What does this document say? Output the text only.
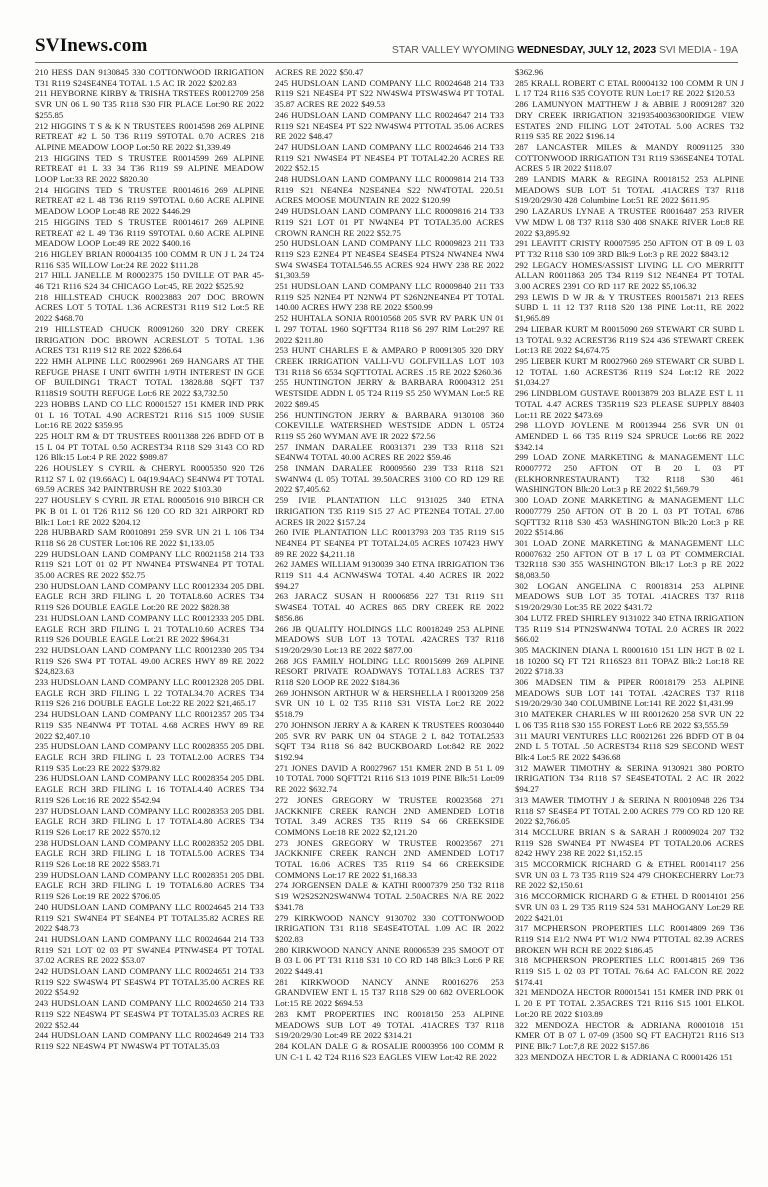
SVInews.com	STAR VALLEY WYOMING WEDNESDAY, JULY 12, 2023 SVI MEDIA - 19A

210 HESS DAN 9130845 330 COTTONWOOD IRRIGATION T31 R119 S24SE4NE4 TOTAL 1.5 AC IR 2022 $202.83

211 HEYBORNE KIRBY & TRISHA TRSTEES R0012709 258 SVR UN 06 L 90 T35 R118 S30 FIR PLACE Lot:90 RE 2022 $255.85

212 HIGGINS T S & K N TRUSTEES R0014598 269 ALPINE RETREAT #2 L 50 T36 R119 S9TOTAL 0.70 ACRES 218 ALPINE MEADOW LOOP Lot:50 RE 2022 $1,339.49

213 HIGGINS TED S TRUSTEE R0014599 269 ALPINE RETREAT #1 L 33 34 T36 R119 S9 ALPINE MEADOW LOOP Lot:33 RE 2022 $820.30

214 HIGGINS TED S TRUSTEE R0014616 269 ALPINE RETREAT #2 L 48 T36 R119 S9TOTAL 0.60 ACRE ALPINE MEADOW LOOP Lot:48 RE 2022 $446.29

215 HIGGINS TED S TRUSTEE R0014617 269 ALPINE RETREAT #2 L 49 T36 R119 S9TOTAL 0.60 ACRE ALPINE MEADOW LOOP Lot:49 RE 2022 $400.16

216 HIGLEY BRIAN R0004135 100 COMM R UN J L 24 T24 R116 S35 WILLOW Lot:24 RE 2022 $111.28

217 HILL JANELLE M R0002375 150 DVILLE OT PAR 45-46 T21 R116 S24 34 CHICAGO Lot:45, RE 2022 $525.92

218 HILLSTEAD CHUCK R0023883 207 DOC BROWN ACRES LOT 5 TOTAL 1.36 ACREST31 R119 S12 Lot:5 RE 2022 $468.70

219 HILLSTEAD CHUCK R0091260 320 DRY CREEK IRRIGATION DOC BROWN ACRESLOT 5 TOTAL 1.36 ACRES T31 R119 S12 RE 2022 $286.64

222 HMH ALPINE LLC R0029961 269 HANGARS AT THE REFUGE PHASE I UNIT 6WITH 1/9TH INTEREST IN GCE OF BUILDING1 TRACT TOTAL 13828.88 SQFT T37 R118S19 SOUTH REFUGE Lot:6 RE 2022 $3,732.50

223 HOBBS LAND CO LLC R0001527 151 KMER IND PRK 01 L 16 TOTAL 4.90 ACREST21 R116 S15 1009 SUSIE Lot:16 RE 2022 $359.95

225 HOLT RM & DT TRUSTEES R0011388 226 BDFD OT B 15 L 04 PT TOTAL 0.50 ACREST34 R118 S29 3143 CO RD 126 Blk:15 Lot:4 P RE 2022 $989.87

226 HOUSLEY S CYRIL & CHERYL R0005350 920 T26 R112 S7 L 02 (19.66AC) L 04(19.94AC) SE4NW4 PT TOTAL 69.59 ACRES 342 PAINTBRUSH RE 2022 $103.30

227 HOUSLEY S CYRIL JR ETAL R0005016 910 BIRCH CR PK B 01 L 01 T26 R112 S6 120 CO RD 321 AIRPORT RD Blk:1 Lot:1 RE 2022 $204.12

228 HUBBARD SAM R0010891 259 SVR UN 21 L 106 T34 R118 S6 28 CUSTER Lot:106 RE 2022 $1,133.05

229 HUDSLOAN LAND COMPANY LLC R0021158 214 T33 R119 S21 LOT 01 02 PT NW4NE4 PTSW4NE4 PT TOTAL 35.00 ACRES RE 2022 $52.75

230 HUDSLOAN LAND COMPANY LLC R0012334 205 DBL EAGLE RCH 3RD FILING L 20 TOTAL8.60 ACRES T34 R119 S26 DOUBLE EAGLE Lot:20 RE 2022 $828.38

231 HUDSLOAN LAND COMPANY LLC R0012333 205 DBL EAGLE RCH 3RD FILING L 21 TOTAL10.60 ACRES T34 R119 S26 DOUBLE EAGLE Lot:21 RE 2022 $964.31

232 HUDSLOAN LAND COMPANY LLC R0012330 205 T34 R119 S26 SW4 PT TOTAL 49.00 ACRES HWY 89 RE 2022 $24,823.63

233 HUDSLOAN LAND COMPANY LLC R0012328 205 DBL EAGLE RCH 3RD FILING L 22 TOTAL34.70 ACRES T34 R119 S26 216 DOUBLE EAGLE Lot:22 RE 2022 $21,465.17

234 HUDSLOAN LAND COMPANY LLC R0012357 205 T34 R119 S35 NE4NW4 PT TOTAL 4.68 ACRES HWY 89 RE 2022 $2,407.10

235 HUDSLOAN LAND COMPANY LLC R0028355 205 DBL EAGLE RCH 3RD FILING L 23 TOTAL2.00 ACRES T34 R119 S35 Lot:23 RE 2022 $379.82

236 HUDSLOAN LAND COMPANY LLC R0028354 205 DBL EAGLE RCH 3RD FILING L 16 TOTAL4.40 ACRES T34 R119 S26 Lot:16 RE 2022 $542.94

237 HUDSLOAN LAND COMPANY LLC R0028353 205 DBL EAGLE RCH 3RD FILING L 17 TOTAL4.80 ACRES T34 R119 S26 Lot:17 RE 2022 $570.12

238 HUDSLOAN LAND COMPANY LLC R0028352 205 DBL EAGLE RCH 3RD FILING L 18 TOTAL5.00 ACRES T34 R119 S26 Lot:18 RE 2022 $583.71

239 HUDSLOAN LAND COMPANY LLC R0028351 205 DBL EAGLE RCH 3RD FILING L 19 TOTAL6.80 ACRES T34 R119 S26 Lot:19 RE 2022 $706.05

240 HUDSLOAN LAND COMPANY LLC R0024645 214 T33 R119 S21 SW4NE4 PT SE4NE4 PT TOTAL35.82 ACRES RE 2022 $48.73

241 HUDSLOAN LAND COMPANY LLC R0024644 214 T33 R119 S21 LOT 02 03 PT SW4NE4 PTNW4SE4 PT TOTAL 37.02 ACRES RE 2022 $53.07

242 HUDSLOAN LAND COMPANY LLC R0024651 214 T33 R119 S22 SW4SW4 PT SE4SW4 PT TOTAL35.00 ACRES RE 2022 $54.92

243 HUDSLOAN LAND COMPANY LLC R0024650 214 T33 R119 S22 NE4SW4 PT SE4SW4 PT TOTAL35.03 ACRES RE 2022 $52.44

244 HUDSLOAN LAND COMPANY LLC R0024649 214 T33 R119 S22 NE4SW4 PT NW4SW4 PT TOTAL35.03

ACRES RE 2022 $50.47

245 HUDSLOAN LAND COMPANY LLC R0024648 214 T33 R119 S21 NE4SE4 PT S22 NW4SW4 PTSW4SW4 PT TOTAL 35.87 ACRES RE 2022 $49.53

246 HUDSLOAN LAND COMPANY LLC R0024647 214 T33 R119 S21 NE4SE4 PT S22 NW4SW4 PTTOTAL 35.06 ACRES RE 2022 $48.47

247 HUDSLOAN LAND COMPANY LLC R0024646 214 T33 R119 S21 NW4SE4 PT NE4SE4 PT TOTAL42.20 ACRES RE 2022 $52.15

248 HUDSLOAN LAND COMPANY LLC R0009814 214 T33 R119 S21 NE4NE4 N2SE4NE4 S22 NW4TOTAL 220.51 ACRES MOOSE MOUNTAIN RE 2022 $120.99

249 HUDSLOAN LAND COMPANY LLC R0009816 214 T33 R119 S21 LOT 01 PT NW4NE4 PT TOTAL35.00 ACRES CROWN RANCH RE 2022 $52.75

250 HUDSLOAN LAND COMPANY LLC R0009823 211 T33 R119 S23 E2NE4 PT NE4SE4 SE4SE4 PTS24 NW4NE4 NW4 SW4 SW4SE4 TOTAL546.55 ACRES 924 HWY 238 RE 2022 $1,303.59

251 HUDSLOAN LAND COMPANY LLC R0009840 211 T33 R119 S25 N2NE4 PT N2NW4 PT S26N2NE4NE4 PT TOTAL 140.00 ACRES HWY 238 RE 2022 $500.99

252 HUHTALA SONJA R0010568 205 SVR RV PARK UN 01 L 297 TOTAL 1960 SQFTT34 R118 S6 297 RIM Lot:297 RE 2022 $211.80

253 HUNT CHARLES E & AMPARO P R0091305 320 DRY CREEK IRRIGATION VALLI-VU GOLFVILLAS LOT 103 T31 R118 S6 6534 SQFTTOTAL ACRES .15 RE 2022 $260.36

255 HUNTINGTON JERRY & BARBARA R0004312 251 WESTSIDE ADDN L 05 T24 R119 S5 250 WYMAN Lot:5 RE 2022 $89.45

256 HUNTINGTON JERRY & BARBARA 9130108 360 COKEVILLE WATERSHED WESTSIDE ADDN L 05T24 R119 S5 260 WYMAN AVE IR 2022 $72.56

257 INMAN DARALEE R0031371 239 T33 R118 S21 SE4NW4 TOTAL 40.00 ACRES RE 2022 $59.46

258 INMAN DARALEE R0009560 239 T33 R118 S21 SW4NW4 (L 05) TOTAL 39.50ACRES 3100 CO RD 129 RE 2022 $7,405.62

259 IVIE PLANTATION LLC 9131025 340 ETNA IRRIGATION T35 R119 S15 27 AC PTE2NE4 TOTAL 27.00 ACRES IR 2022 $157.24

260 IVIE PLANTATION LLC R0013793 203 T35 R119 S15 NE4NE4 PT SE4NE4 PT TOTAL24.05 ACRES 107423 HWY 89 RE 2022 $4,211.18

262 JAMES WILLIAM 9130039 340 ETNA IRRIGATION T36 R119 S11 4.4 ACNW4SW4 TOTAL 4.40 ACRES IR 2022 $94.27

263 JARACZ SUSAN H R0006856 227 T31 R119 S11 SW4SE4 TOTAL 40 ACRES 865 DRY CREEK RE 2022 $856.86

266 JB QUALITY HOLDINGS LLC R0018249 253 ALPINE MEADOWS SUB LOT 13 TOTAL .42ACRES T37 R118 S19/20/29/30 Lot:13 RE 2022 $877.00

268 JGS FAMILY HOLDING LLC R0015699 269 ALPINE RESORT PRIVATE ROADWAYS TOTAL1.83 ACRES T37 R118 S20 LOOP RE 2022 $184.36

269 JOHNSON ARTHUR W & HERSHELLA I R0013209 258 SVR UN 10 L 02 T35 R118 S31 VISTA Lot:2 RE 2022 $518.79

270 JOHNSON JERRY A & KAREN K TRUSTEES R0030440 205 SVR RV PARK UN 04 STAGE 2 L 842 TOTAL2533 SQFT T34 R118 S6 842 BUCKBOARD Lot:842 RE 2022 $192.94

271 JONES DAVID A R0027967 151 KMER 2ND B 51 L 09 10 TOTAL 7000 SQFTT21 R116 S13 1019 PINE Blk:51 Lot:09 RE 2022 $632.74

272 JONES GREGORY W TRUSTEE R0023568 271 JACKKNIFE CREEK RANCH 2ND AMENDED LOT18 TOTAL 3.49 ACRES T35 R119 S4 66 CREEKSIDE COMMONS Lot:18 RE 2022 $2,121.20

273 JONES GREGORY W TRUSTEE R0023567 271 JACKKNIFE CREEK RANCH 2ND AMENDED LOT17 TOTAL 16.06 ACRES T35 R119 S4 66 CREEKSIDE COMMONS Lot:17 RE 2022 $1,168.33

274 JORGENSEN DALE & KATHI R0007379 250 T32 R118 S19 W2S2S2N2SW4NW4 TOTAL 2.50ACRES N/A RE 2022 $341.78

279 KIRKWOOD NANCY 9130702 330 COTTONWOOD IRRIGATION T31 R118 SE4SE4TOTAL 1.09 AC IR 2022 $202.83

280 KIRKWOOD NANCY ANNE R0006539 235 SMOOT OT B 03 L 06 PT T31 R118 S31 10 CO RD 148 Blk:3 Lot:6 P RE 2022 $449.41

281 KIRKWOOD NANCY ANNE R0016276 253 GRANDVIEW ENT L 15 T37 R118 S29 00 682 OVERLOOK Lot:15 RE 2022 $694.53

283 KMT PROPERTIES INC R0018150 253 ALPINE MEADOWS SUB LOT 49 TOTAL .41ACRES T37 R118 S19/20/29/30 Lot:49 RE 2022 $314.21

284 KOLAN DALE G & ROSALIE R0003956 100 COMM R UN C-1 L 42 T24 R116 S23 EAGLES VIEW Lot:42 RE 2022

$362.96

285 KRALL ROBERT C ETAL R0004132 100 COMM R UN J L 17 T24 R116 S35 COYOTE RUN Lot:17 RE 2022 $120.53

286 LAMUNYON MATTHEW J & ABBIE J R0091287 320 DRY CREEK IRRIGATION 32193540036300RIDGE VIEW ESTATES 2ND FILING LOT 24TOTAL 5.00 ACRES T32 R119 S35 RE 2022 $196.14

287 LANCASTER MILES & MANDY R0091125 330 COTTONWOOD IRRIGATION T31 R119 S36SE4NE4 TOTAL ACRES 5 IR 2022 $118.07

289 LANDIS MARK & REGINA R0018152 253 ALPINE MEADOWS SUB LOT 51 TOTAL .41ACRES T37 R118 S19/20/29/30 428 Columbine Lot:51 RE 2022 $611.95

290 LAZARUS LYNAE A TRUSTEE R0016487 253 RIVER VW MDW L 08 T37 R118 S30 408 SNAKE RIVER Lot:8 RE 2022 $3,895.92

291 LEAVITT CRISTY R0007595 250 AFTON OT B 09 L 03 PT T32 R118 S30 109 3RD Blk:9 Lot:3 p RE 2022 $843.12

292 LEGACY HOMES/ASSIST LIVING LL C/O MERRITT ALLAN R0011863 205 T34 R119 S12 NE4NE4 PT TOTAL 3.00 ACRES 2391 CO RD 117 RE 2022 $5,106.32

293 LEWIS D W JR & Y TRUSTEES R0015871 213 REES SUBD L 11 12 T37 R118 S20 138 PINE Lot:11, RE 2022 $1,965.89

294 LIEBAR KURT M R0015090 269 STEWART CR SUBD L 13 TOTAL 9.32 ACREST36 R119 S24 436 STEWART CREEK Lot:13 RE 2022 $4,674.75

295 LIEBER KURT M R0027960 269 STEWART CR SUBD L 12 TOTAL 1.60 ACREST36 R119 S24 Lot:12 RE 2022 $1,034.27

296 LINDBLOM GUSTAVE R0013879 203 BLAZE EST L 11 TOTAL 4.47 ACRES T35R119 S23 PLEASE SUPPLY 88403 Lot:11 RE 2022 $473.69

298 LLOYD JOYLENE M R0013944 256 SVR UN 01 AMENDED L 66 T35 R119 S24 SPRUCE Lot:66 RE 2022 $342.14

299 LOAD ZONE MARKETING & MANAGEMENT LLC R0007772 250 AFTON OT B 20 L 03 PT (ELKHORNRESTAURANT) T32 R118 S30 461 WASHINGTON Blk:20 Lot:3 p RE 2022 $1,569.79

300 LOAD ZONE MARKETING & MANAGEMENT LLC R0007779 250 AFTON OT B 20 L 03 PT TOTAL 6786 SQFTT32 R118 S30 453 WASHINGTON Blk:20 Lot:3 p RE 2022 $514.86

301 LOAD ZONE MARKETING & MANAGEMENT LLC R0007632 250 AFTON OT B 17 L 03 PT COMMERCIAL T32R118 S30 355 WASHINGTON Blk:17 Lot:3 p RE 2022 $8,083.50

302 LOGAN ANGELINA C R0018314 253 ALPINE MEADOWS SUB LOT 35 TOTAL .41ACRES T37 R118 S19/20/29/30 Lot:35 RE 2022 $431.72

304 LUTZ FRED SHIRLEY 9131022 340 ETNA IRRIGATION T35 R119 S14 PTN2SW4NW4 TOTAL 2.0 ACRES IR 2022 $66.02

305 MACKINEN DIANA L R0001610 151 LIN HGT B 02 L 18 10200 SQ FT T21 R116S23 811 TOPAZ Blk:2 Lot:18 RE 2022 $718.33

306 MADSEN TIM & PIPER R0018179 253 ALPINE MEADOWS SUB LOT 141 TOTAL .42ACRES T37 R118 S19/20/29/30 340 COLUMBINE Lot:141 RE 2022 $1,431.99

310 MATEKER CHARLES W III R0012620 258 SVR UN 22 L 06 T35 R118 S30 155 FOREST Lot:6 RE 2022 $3,555.59

311 MAURI VENTURES LLC R0021261 226 BDFD OT B 04 2ND L 5 TOTAL .50 ACREST34 R118 S29 SECOND WEST Blk:4 Lot:5 RE 2022 $436.68

312 MAWER TIMOTHY & SERINA 9130921 380 PORTO IRRIGATION T34 R118 S7 SE4SE4TOTAL 2 AC IR 2022 $94.27

313 MAWER TIMOTHY J & SERINA N R0010948 226 T34 R118 S7 SE4SE4 PT TOTAL 2.00 ACRES 779 CO RD 120 RE 2022 $2,766.05

314 MCCLURE BRIAN S & SARAH J R0009024 207 T32 R119 S28 SW4NE4 PT NW4SE4 PT TOTAL20.06 ACRES 8242 HWY 238 RE 2022 $1,152.15

315 MCCORMICK RICHARD G & ETHEL R0014117 256 SVR UN 03 L 73 T35 R119 S24 479 CHOKECHERRY Lot:73 RE 2022 $2,150.61

316 MCCORMICK RICHARD G & ETHEL D R0014101 256 SVR UN 03 L 29 T35 R119 S24 531 MAHOGANY Lot:29 RE 2022 $421.01

317 MCPHERSON PROPERTIES LLC R0014809 269 T36 R119 S14 E1/2 NW4 PT W1/2 NW4 PTTOTAL 82.39 ACRES BROKEN WH RCH RE 2022 $186.45

318 MCPHERSON PROPERTIES LLC R0014815 269 T36 R119 S15 L 02 03 PT TOTAL 76.64 AC FALCON RE 2022 $174.41

321 MENDOZA HECTOR R0001541 151 KMER IND PRK 01 L 20 E PT TOTAL 2.35ACRES T21 R116 S15 1001 ELKOL Lot:20 RE 2022 $103.89

322 MENDOZA HECTOR & ADRIANA R0001018 151 KMER OT B 07 L 07-09 (3500 SQ FT EACH)T21 R116 S13 PINE Blk:7 Lot:7,8 RE 2022 $157.86

323 MENDOZA HECTOR L & ADRIANA C R0001426 151
